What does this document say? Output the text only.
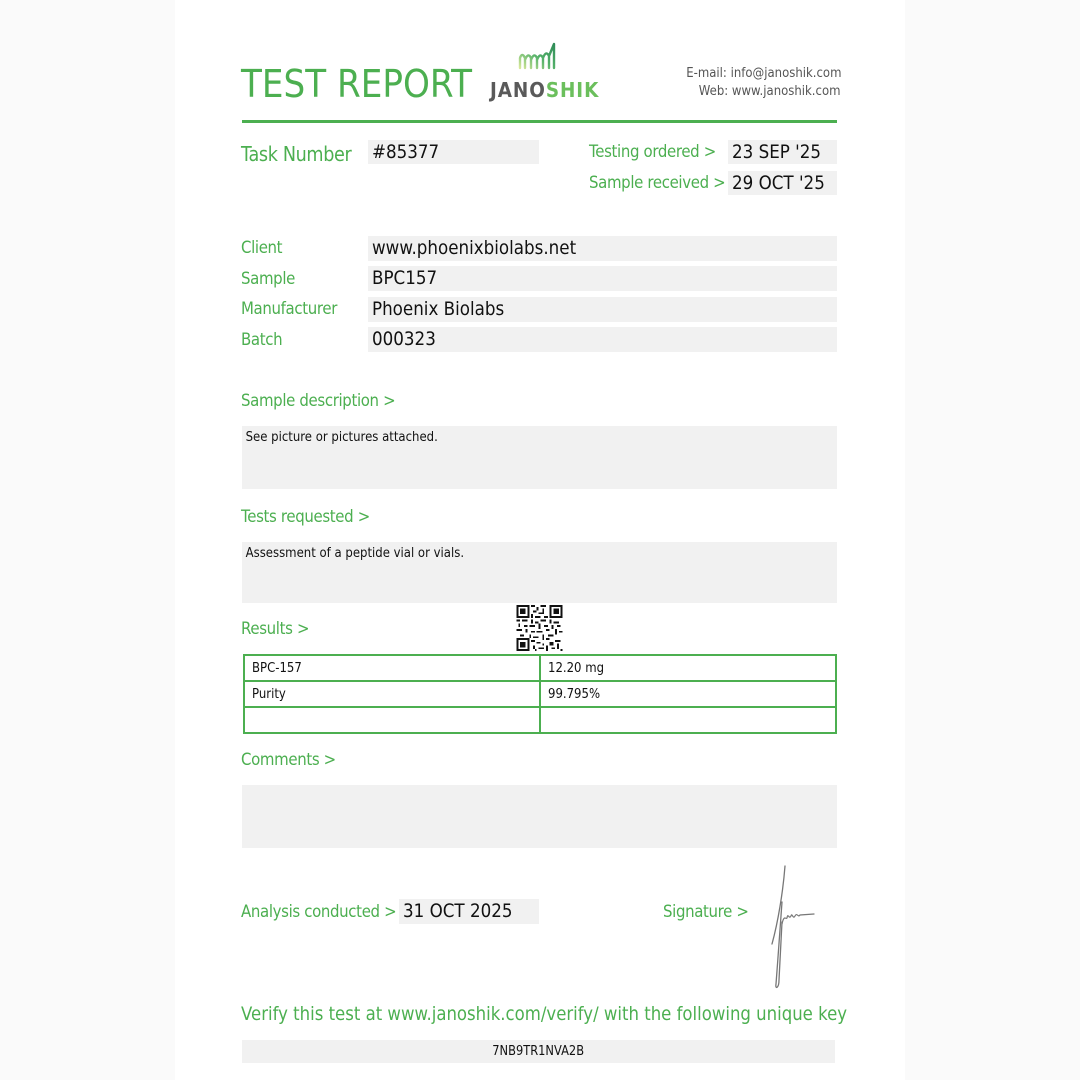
TEST REPORT JANOSHIK
E-mail: info@janoshik.com
Web: www.janoshik.com
Task Number #85377	Testing ordered > 23 SEP '25
Sample received > 29 OCT '25
Client	www.phoenixbiolabs.net
Sample	BPC157
Manufacturer Phoenix Biolabs
Batch	000323
Sample description >
See picture or pictures attached.
Tests requested >
Assessment of a peptide vial or vials.
Results >
BPC-157	12.20 mg
Purity	99.795%

Comments >
Analysis conducted > 31 OCT 2025	Signature >
Verify this test at www.janoshik.com/verify/ with the following unique key
7NB9TR1NVA2B
